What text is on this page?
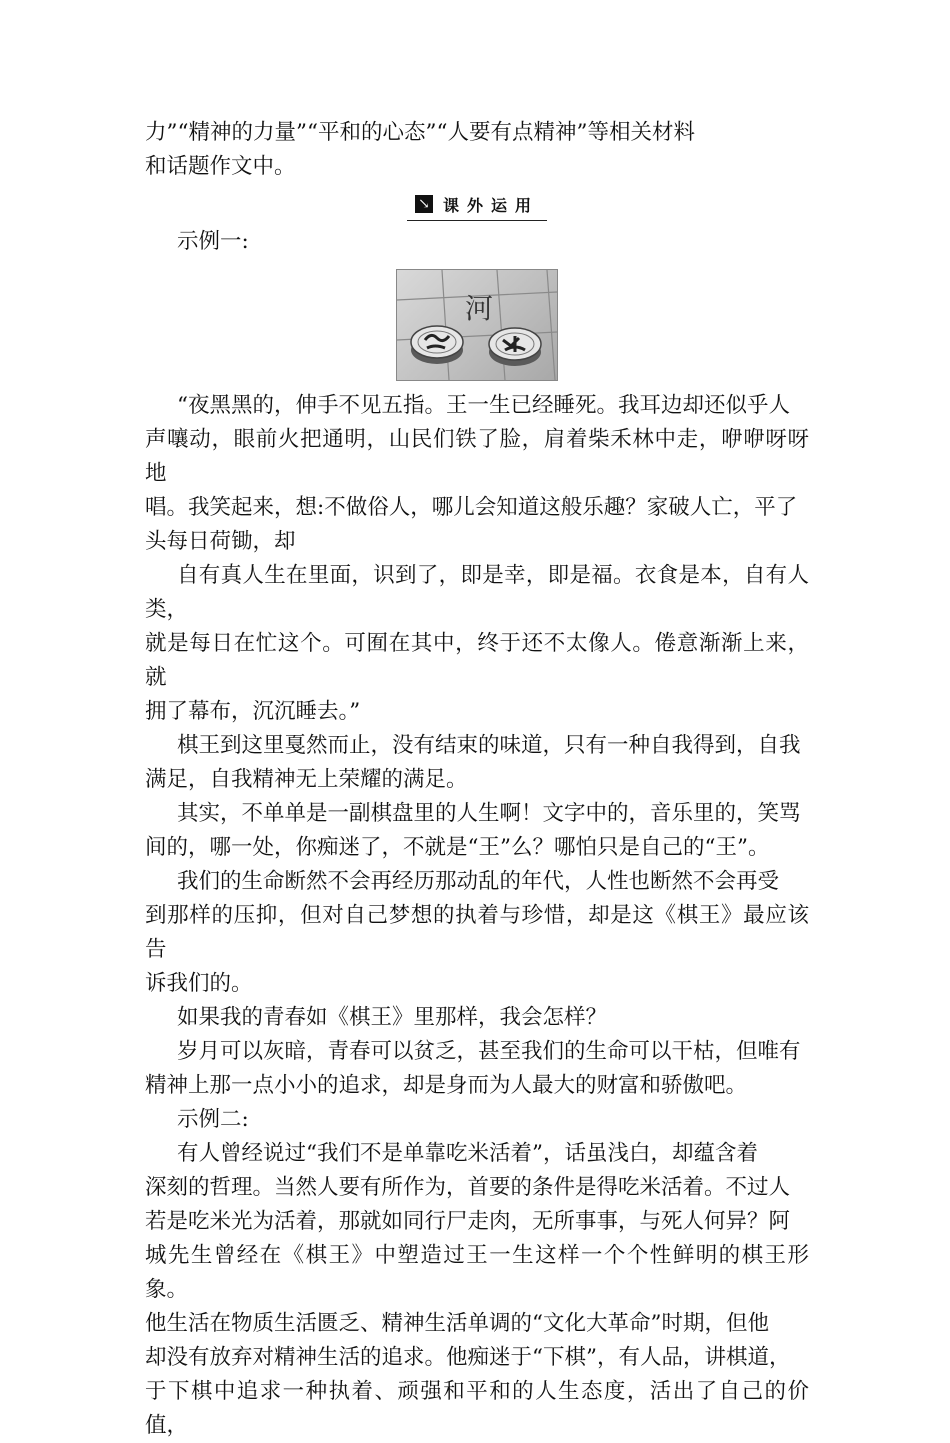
力”“精神的力量”“平和的心态”“人要有点精神”等相关材料
和话题作文中。

↘ 课外运用

示例一:

河

“夜黑黑的，伸手不见五指。王一生已经睡死。我耳边却还似乎人
声嚷动，眼前火把通明，山民们铁了脸，肩着柴禾林中走，咿咿呀呀地
唱。我笑起来，想:不做俗人，哪儿会知道这般乐趣？家破人亡，平了
头每日荷锄，却

自有真人生在里面，识到了，即是幸，即是福。衣食是本，自有人类，
就是每日在忙这个。可囿在其中，终于还不太像人。倦意渐渐上来，就
拥了幕布，沉沉睡去。”

棋王到这里戛然而止，没有结束的味道，只有一种自我得到，自我
满足，自我精神无上荣耀的满足。

其实，不单单是一副棋盘里的人生啊！文字中的，音乐里的，笑骂
间的，哪一处，你痴迷了，不就是“王”么？哪怕只是自己的“王”。

我们的生命断然不会再经历那动乱的年代，人性也断然不会再受
到那样的压抑，但对自己梦想的执着与珍惜，却是这《棋王》最应该告
诉我们的。

如果我的青春如《棋王》里那样，我会怎样？

岁月可以灰暗，青春可以贫乏，甚至我们的生命可以干枯，但唯有
精神上那一点小小的追求，却是身而为人最大的财富和骄傲吧。

示例二:

有人曾经说过“我们不是单靠吃米活着”，话虽浅白，却蕴含着
深刻的哲理。当然人要有所作为，首要的条件是得吃米活着。不过人
若是吃米光为活着，那就如同行尸走肉，无所事事，与死人何异？阿
城先生曾经在《棋王》中塑造过王一生这样一个个性鲜明的棋王形象。
他生活在物质生活匮乏、精神生活单调的“文化大革命”时期，但他
却没有放弃对精神生活的追求。他痴迷于“下棋”，有人品，讲棋道，
于下棋中追求一种执着、顽强和平和的人生态度，活出了自己的价值，
